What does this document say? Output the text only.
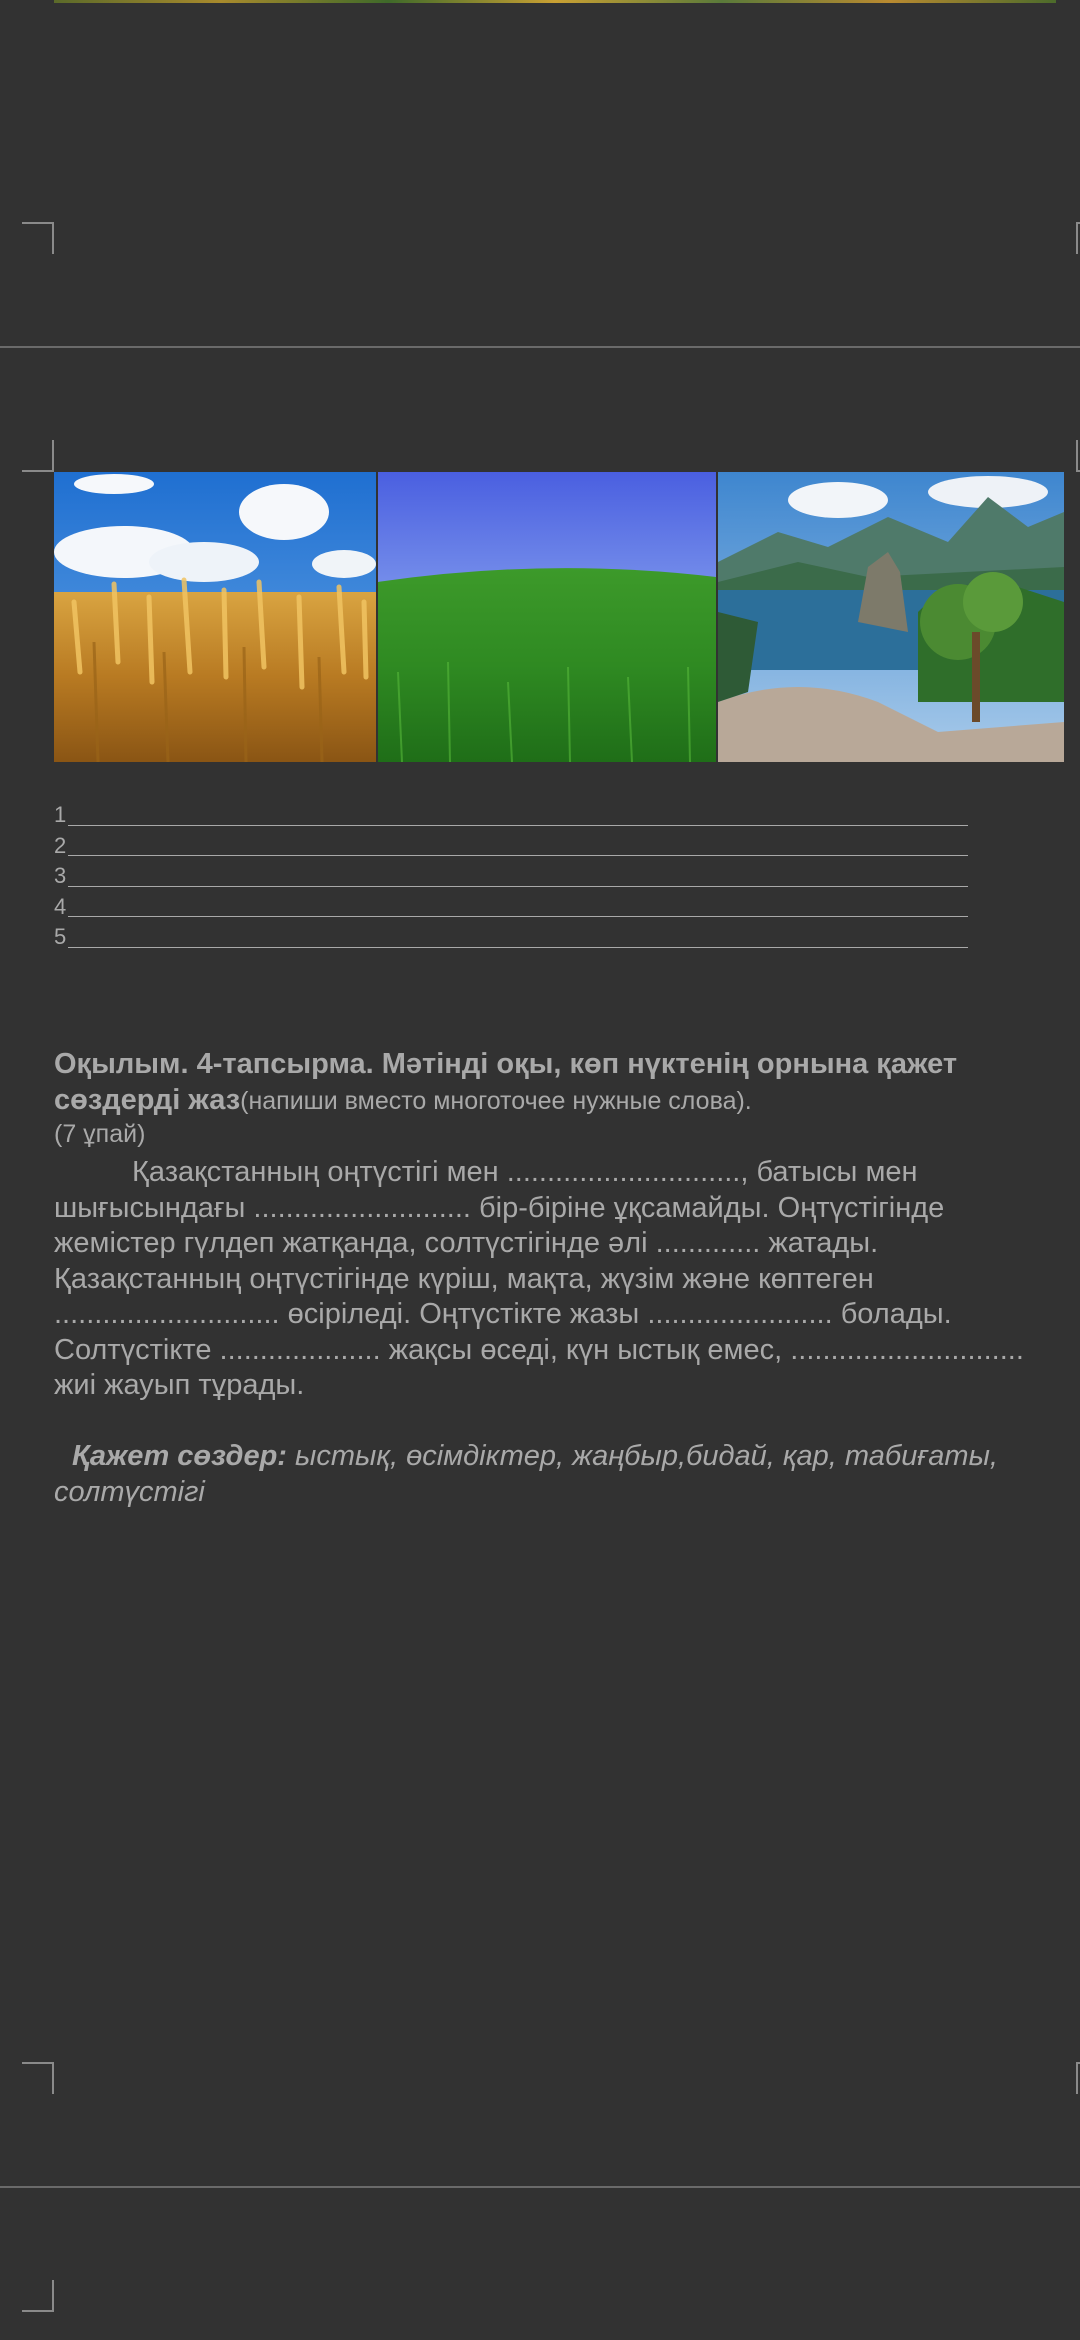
1
2
3
4
5
Оқылым. 4-тапсырма. Мәтінді оқы, көп нүктенің орнына қажет сөздерді жаз(напиши вместо многоточее нужные слова).
(7 ұпай)
Қазақстанның оңтүстігі мен ............................., батысы мен шығысындағы ........................... бір-біріне ұқсамайды. Оңтүстігінде жемістер гүлдеп жатқанда, солтүстігінде әлі ............. жатады. Қазақстанның оңтүстігінде күріш, мақта, жүзім және көптеген ............................ өсіріледі. Оңтүстікте жазы ....................... болады. Солтүстікте .................... жақсы өседі, күн ыстық емес, ............................. жиі жауып тұрады.
Қажет сөздер: ыстық, өсімдіктер, жаңбыр,бидай, қар, табиғаты,
солтүстігі
